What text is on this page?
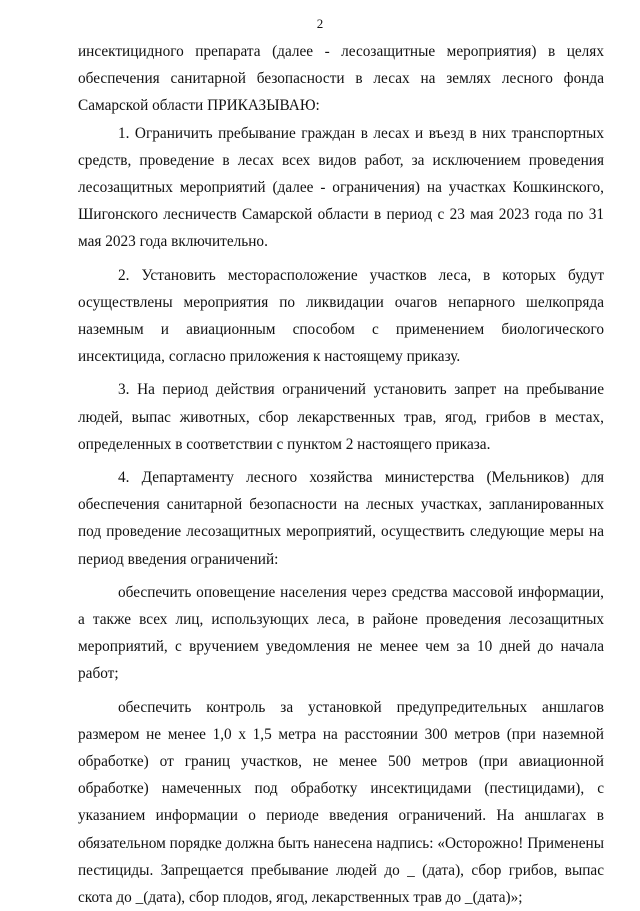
2

инсектицидного препарата (далее - лесозащитные мероприятия) в целях обеспечения санитарной безопасности в лесах на землях лесного фонда Самарской области ПРИКАЗЫВАЮ:

1. Ограничить пребывание граждан в лесах и въезд в них транспортных средств, проведение в лесах всех видов работ, за исключением проведения лесозащитных мероприятий (далее - ограничения) на участках Кошкинского, Шигонского лесничеств Самарской области в период с 23 мая 2023 года по 31 мая 2023 года включительно.

2. Установить месторасположение участков леса, в которых будут осуществлены мероприятия по ликвидации очагов непарного шелкопряда наземным и авиационным способом с применением биологического инсектицида, согласно приложения к настоящему приказу.

3. На период действия ограничений установить запрет на пребывание людей, выпас животных, сбор лекарственных трав, ягод, грибов в местах, определенных в соответствии с пунктом 2 настоящего приказа.

4. Департаменту лесного хозяйства министерства (Мельников) для обеспечения санитарной безопасности на лесных участках, запланированных под проведение лесозащитных мероприятий, осуществить следующие меры на период введения ограничений:

обеспечить оповещение населения через средства массовой информации, а также всех лиц, использующих леса, в районе проведения лесозащитных мероприятий, с вручением уведомления не менее чем за 10 дней до начала работ;

обеспечить контроль за установкой предупредительных аншлагов размером не менее 1,0 х 1,5 метра на расстоянии 300 метров (при наземной обработке) от границ участков, не менее 500 метров (при авиационной обработке) намеченных под обработку инсектицидами (пестицидами), с указанием информации о периоде введения ограничений. На аншлагах в обязательном порядке должна быть нанесена надпись: «Осторожно! Применены пестициды. Запрещается пребывание людей до _ (дата), сбор грибов, выпас скота до _(дата), сбор плодов, ягод, лекарственных трав до _(дата)»;
